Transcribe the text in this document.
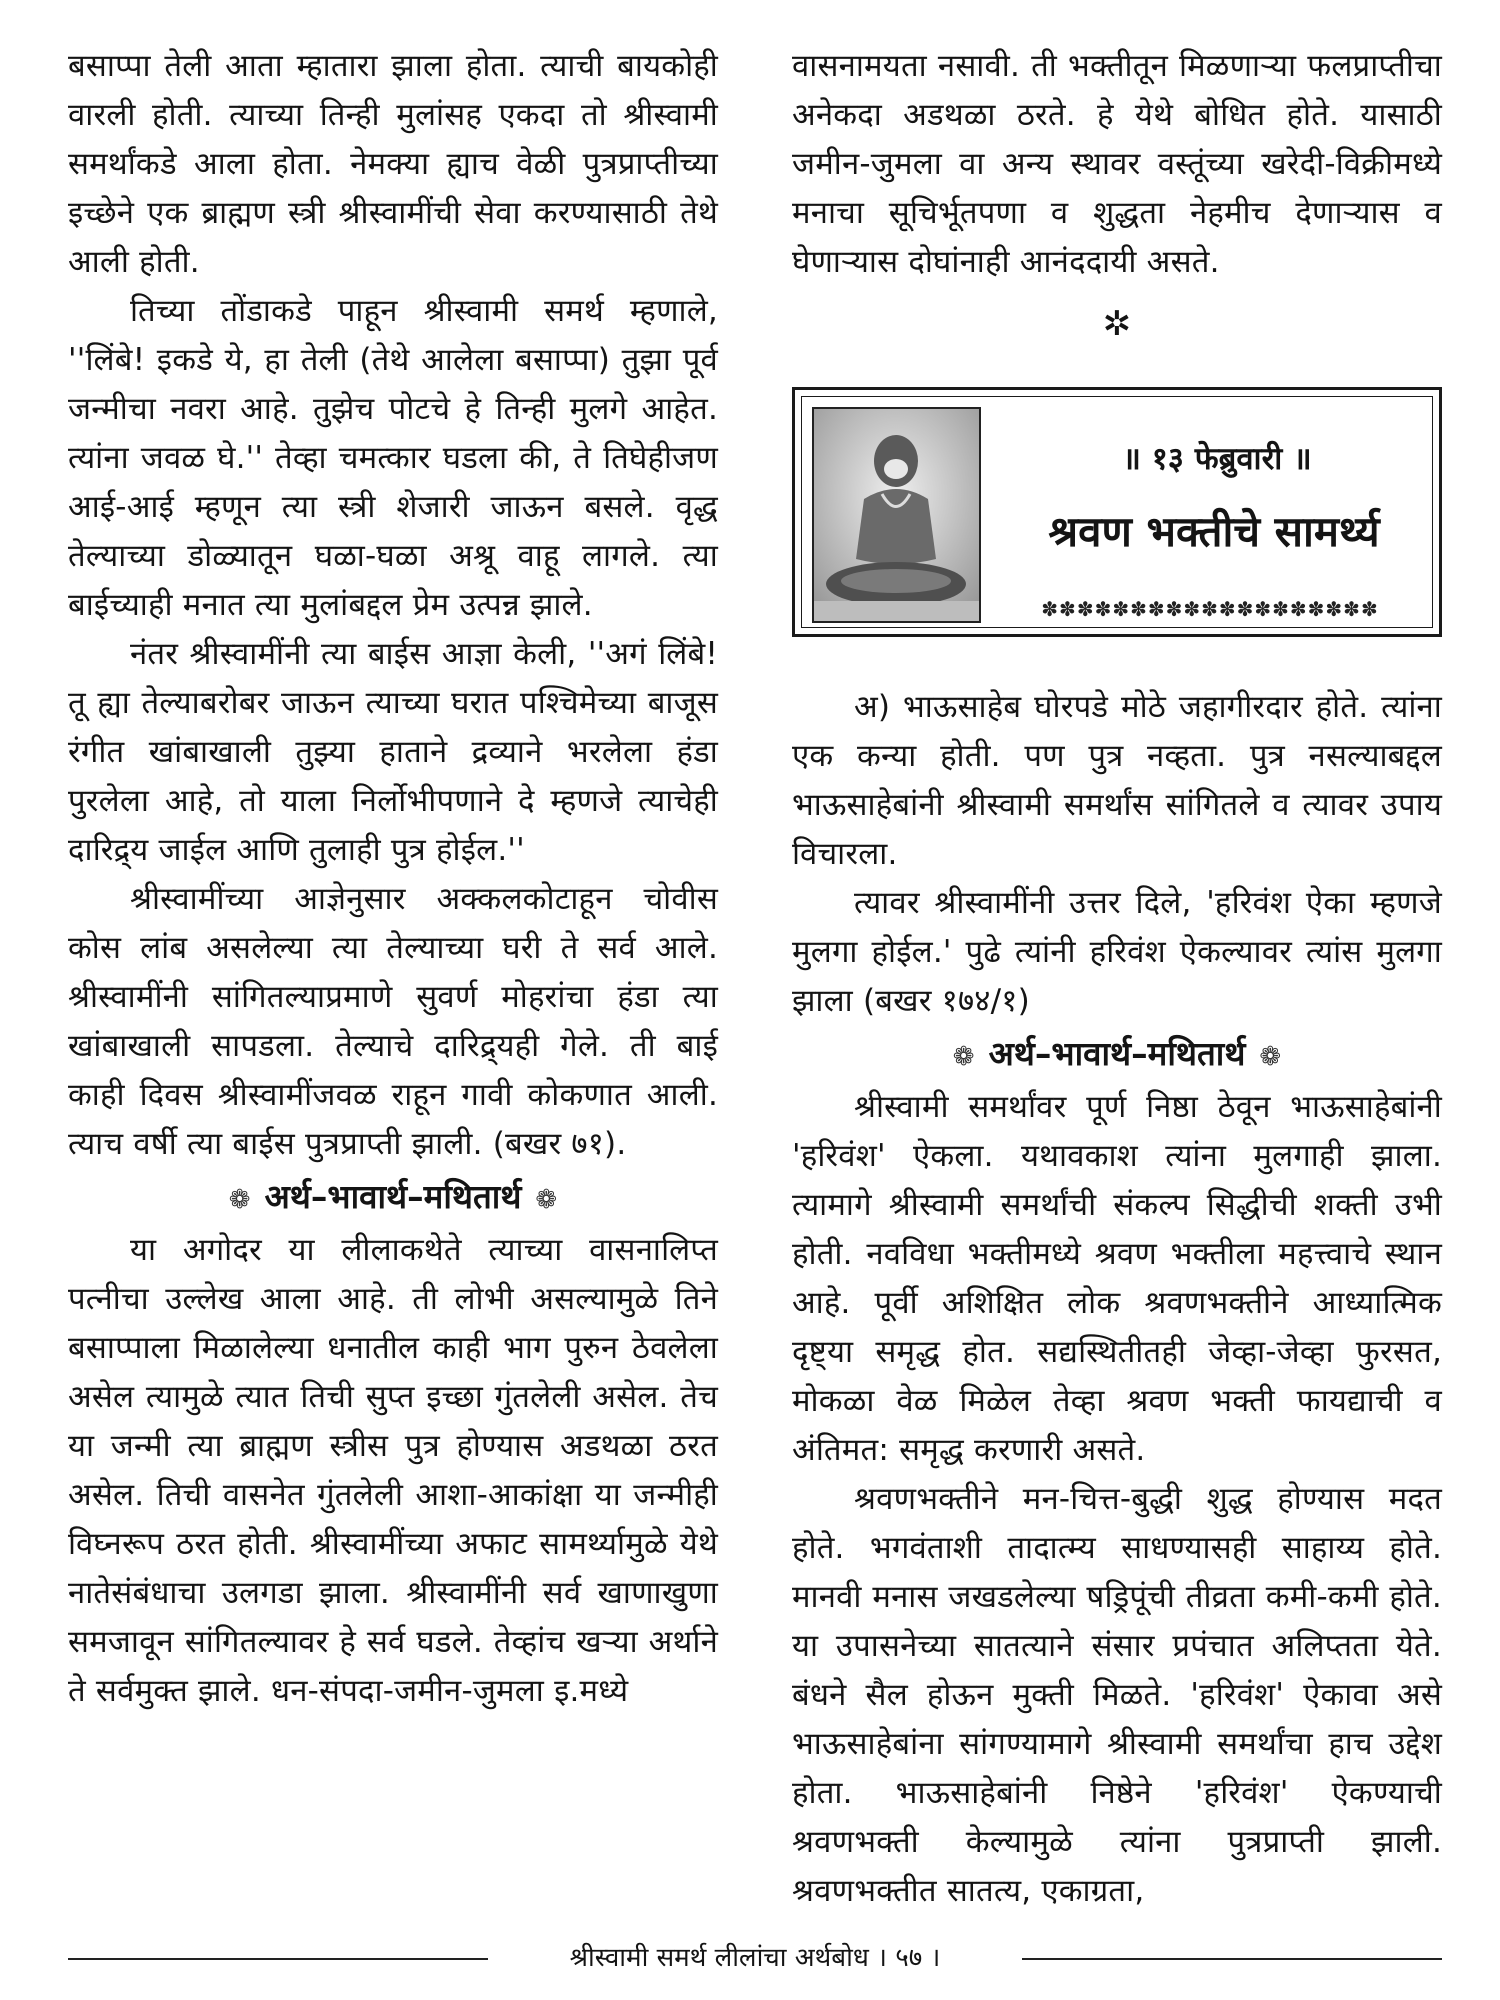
बसाप्पा तेली आता म्हातारा झाला होता. त्याची बायकोही वारली होती. त्याच्या तिन्ही मुलांसह एकदा तो श्रीस्वामी समर्थांकडे आला होता. नेमक्या ह्याच वेळी पुत्रप्राप्तीच्या इच्छेने एक ब्राह्मण स्त्री श्रीस्वामींची सेवा करण्यासाठी तेथे आली होती.

तिच्या तोंडाकडे पाहून श्रीस्वामी समर्थ म्हणाले, ''लिंबे! इकडे ये, हा तेली (तेथे आलेला बसाप्पा) तुझा पूर्व जन्मीचा नवरा आहे. तुझेच पोटचे हे तिन्ही मुलगे आहेत. त्यांना जवळ घे.'' तेव्हा चमत्कार घडला की, ते तिघेहीजण आई-आई म्हणून त्या स्त्री शेजारी जाऊन बसले. वृद्ध तेल्याच्या डोळ्यातून घळा-घळा अश्रू वाहू लागले. त्या बाईच्याही मनात त्या मुलांबद्दल प्रेम उत्पन्न झाले.

नंतर श्रीस्वामींनी त्या बाईस आज्ञा केली, ''अगं लिंबे! तू ह्या तेल्याबरोबर जाऊन त्याच्या घरात पश्चिमेच्या बाजूस रंगीत खांबाखाली तुझ्या हाताने द्रव्याने भरलेला हंडा पुरलेला आहे, तो याला निर्लोभीपणाने दे म्हणजे त्याचेही दारिद्र्य जाईल आणि तुलाही पुत्र होईल.''

श्रीस्वामींच्या आज्ञेनुसार अक्कलकोटाहून चोवीस कोस लांब असलेल्या त्या तेल्याच्या घरी ते सर्व आले. श्रीस्वामींनी सांगितल्याप्रमाणे सुवर्ण मोहरांचा हंडा त्या खांबाखाली सापडला. तेल्याचे दारिद्र्यही गेले. ती बाई काही दिवस श्रीस्वामींजवळ राहून गावी कोकणात आली. त्याच वर्षी त्या बाईस पुत्रप्राप्ती झाली. (बखर ७१).

❁ अर्थ–भावार्थ–मथितार्थ ❁

या अगोदर या लीलाकथेते त्याच्या वासनालिप्त पत्नीचा उल्लेख आला आहे. ती लोभी असल्यामुळे तिने बसाप्पाला मिळालेल्या धनातील काही भाग पुरुन ठेवलेला असेल त्यामुळे त्यात तिची सुप्त इच्छा गुंतलेली असेल. तेच या जन्मी त्या ब्राह्मण स्त्रीस पुत्र होण्यास अडथळा ठरत असेल. तिची वासनेत गुंतलेली आशा-आकांक्षा या जन्मीही विघ्नरूप ठरत होती. श्रीस्वामींच्या अफाट सामर्थ्यामुळे येथे नातेसंबंधाचा उलगडा झाला. श्रीस्वामींनी सर्व खाणाखुणा समजावून सांगितल्यावर हे सर्व घडले. तेव्हांच खऱ्या अर्थाने ते सर्वमुक्त झाले. धन-संपदा-जमीन-जुमला इ.मध्ये

वासनामयता नसावी. ती भक्तीतून मिळणाऱ्या फलप्राप्तीचा अनेकदा अडथळा ठरते. हे येथे बोधित होते. यासाठी जमीन-जुमला वा अन्य स्थावर वस्तूंच्या खरेदी-विक्रीमध्ये मनाचा सूचिर्भूतपणा व शुद्धता नेहमीच देणाऱ्यास व घेणाऱ्यास दोघांनाही आनंददायी असते.

✲
॥ १३ फेब्रुवारी ॥
श्रवण भक्तीचे सामर्थ्य
✽✽✽✽✽✽✽✽✽✽✽✽✽✽✽✽✽✽✽

अ) भाऊसाहेब घोरपडे मोठे जहागीरदार होते. त्यांना एक कन्या होती. पण पुत्र नव्हता. पुत्र नसल्याबद्दल भाऊसाहेबांनी श्रीस्वामी समर्थांस सांगितले व त्यावर उपाय विचारला.

त्यावर श्रीस्वामींनी उत्तर दिले, 'हरिवंश ऐका म्हणजे मुलगा होईल.' पुढे त्यांनी हरिवंश ऐकल्यावर त्यांस मुलगा झाला (बखर १७४/१)

❁ अर्थ–भावार्थ–मथितार्थ ❁

श्रीस्वामी समर्थांवर पूर्ण निष्ठा ठेवून भाऊसाहेबांनी 'हरिवंश' ऐकला. यथावकाश त्यांना मुलगाही झाला. त्यामागे श्रीस्वामी समर्थांची संकल्प सिद्धीची शक्ती उभी होती. नवविधा भक्तीमध्ये श्रवण भक्तीला महत्त्वाचे स्थान आहे. पूर्वी अशिक्षित लोक श्रवणभक्तीने आध्यात्मिक दृष्ट्या समृद्ध होत. सद्यस्थितीतही जेव्हा-जेव्हा फुरसत, मोकळा वेळ मिळेल तेव्हा श्रवण भक्ती फायद्याची व अंतिमत: समृद्ध करणारी असते.

श्रवणभक्तीने मन-चित्त-बुद्धी शुद्ध होण्यास मदत होते. भगवंताशी तादात्म्य साधण्यासही साहाय्य होते. मानवी मनास जखडलेल्या षड्रिपूंची तीव्रता कमी-कमी होते. या उपासनेच्या सातत्याने संसार प्रपंचात अलिप्तता येते. बंधने सैल होऊन मुक्ती मिळते. 'हरिवंश' ऐकावा असे भाऊसाहेबांना सांगण्यामागे श्रीस्वामी समर्थांचा हाच उद्देश होता. भाऊसाहेबांनी निष्ठेने 'हरिवंश' ऐकण्याची श्रवणभक्ती केल्यामुळे त्यांना पुत्रप्राप्ती झाली. श्रवणभक्तीत सातत्य, एकाग्रता,

श्रीस्वामी समर्थ लीलांचा अर्थबोध । ५७ ।
